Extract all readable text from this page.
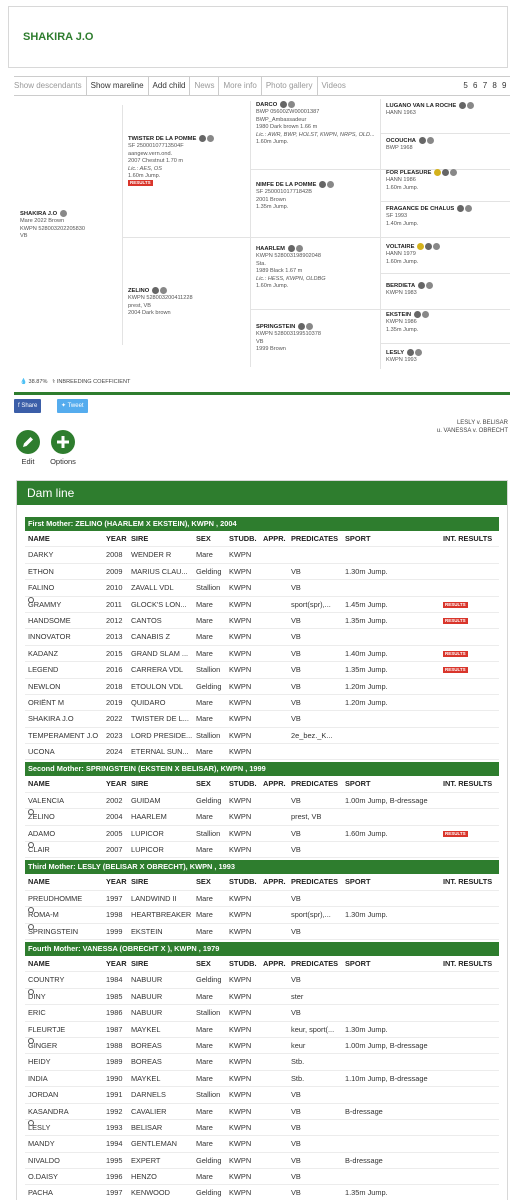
SHAKIRA J.O
Show descendants	Show mareline	Add child	News	More info	Photo gallery	Videos	5 6 7 8 9
SHAKIRA J.O
Mare 2022 Brown
KWPN 528003202205830
VB
TWISTER DE LA POMME
SF 25000107713504F
aangew.vern.ond.
2007 Chestnut 1.70 m
Lic.: AES, OS
1.60m Jump.
RESULTS
ZELINO
KWPN 528003200411228
prest, VB
2004 Dark brown
DARCO
BWP 05600ZW00001387
BWP_Ambassadeur
1980 Dark brown 1.66 m
Lic.: AWR, BWP, HOLST, KWPN, NRPS, OLD...
1.60m Jump.
NIMFE DE LA POMME
SF 25000101771842B
2001 Brown
1.35m Jump.
HAARLEM
KWPN 528003198902048
Sta.
1989 Black 1.67 m
Lic.: HESS, KWPN, OLDBG
1.60m Jump.
SPRINGSTEIN
KWPN 528003199510378
VB
1999 Brown
LUGANO VAN LA ROCHE
HANN 1963
OCOUCHA
BWP 1968
FOR PLEASURE
HANN 1986
1.60m Jump.
FRAGANCE DE CHALUS
SF 1993
1.40m Jump.
VOLTAIRE
HANN 1979
1.60m Jump.
BERDIETA
KWPN 1983
EKSTEIN
KWPN 1986
1.35m Jump.
LESLY
KWPN 1993
💧 38.87% ⚕ INBREEDING COEFFICIENT
f Share	✦ Tweet
LESLY v. BELISAR
u. VANESSA v. OBRECHT
Edit	Options
Dam line
First Mother: ZELINO (HAARLEM X EKSTEIN), KWPN , 2004
NAME	YEAR SIRE	SEX	STUDB. APPR. PREDICATES SPORT	INT. RESULTS
DARKY	2008	WENDER R	Mare	KWPN
ETHON	2009	MARIUS CLAU...	Gelding	KWPN	VB	1.30m Jump.
FALINO	2010	ZAVALL VDL	Stallion	KWPN	VB
GRAMMY	2011	GLOCK'S LON...	Mare	KWPN	sport(spr),...	1.45m Jump.	RESULTS
HANDSOME	2012	CANTOS	Mare	KWPN	VB	1.35m Jump.	RESULTS
INNOVATOR	2013	CANABIS Z	Mare	KWPN	VB
KADANZ	2015	GRAND SLAM ...	Mare	KWPN	VB	1.40m Jump.	RESULTS
LEGEND	2016	CARRERA VDL	Stallion	KWPN	VB	1.35m Jump.	RESULTS
NEWLON	2018	ETOULON VDL	Gelding	KWPN	VB	1.20m Jump.
ORIËNT M	2019	QUIDARO	Mare	KWPN	VB	1.20m Jump.
SHAKIRA J.O	2022	TWISTER DE L... Mare	KWPN	VB
TEMPERAMENT J.O	2023	LORD PRESIDE... Stallion	KWPN	2e_bez._K...
UCONA	2024	ETERNAL SUN... Mare	KWPN
Second Mother: SPRINGSTEIN (EKSTEIN X BELISAR), KWPN , 1999
NAME	YEAR SIRE	SEX	STUDB. APPR. PREDICATES SPORT	INT. RESULTS
VALENCIA	2002	GUIDAM	Gelding	KWPN	VB	1.00m Jump, B-dressage
ZELINO	2004	HAARLEM	Mare	KWPN	prest, VB
ADAMO	2005	LUPICOR	Stallion	KWPN	VB	1.60m Jump.	RESULTS
CLAIR	2007	LUPICOR	Mare	KWPN	VB
Third Mother: LESLY (BELISAR X OBRECHT), KWPN , 1993
NAME	YEAR SIRE	SEX	STUDB. APPR. PREDICATES SPORT	INT. RESULTS
PREUDHOMME	1997	LANDWIND II	Mare	KWPN	VB
ROMA-M	1998	HEARTBREAKER Mare	KWPN	sport(spr),...	1.30m Jump.
SPRINGSTEIN	1999	EKSTEIN	Mare	KWPN	VB
Fourth Mother: VANESSA (OBRECHT X ), KWPN , 1979
NAME	YEAR SIRE	SEX	STUDB. APPR. PREDICATES SPORT	INT. RESULTS
COUNTRY	1984	NABUUR	Gelding	KWPN	VB
DINY	1985	NABUUR	Mare	KWPN	ster
ERIC	1986	NABUUR	Stallion	KWPN	VB
FLEURTJE	1987	MAYKEL	Mare	KWPN	keur, sport(...	1.30m Jump.
GINGER	1988	BOREAS	Mare	KWPN	keur	1.00m Jump, B-dressage
HEIDY	1989	BOREAS	Mare	KWPN	Stb.
INDIA	1990	MAYKEL	Mare	KWPN	Stb.	1.10m Jump, B-dressage
JORDAN	1991	DARNELS	Stallion	KWPN	VB
KASANDRA	1992	CAVALIER	Mare	KWPN	VB	B-dressage
LESLY	1993	BELISAR	Mare	KWPN	VB
MANDY	1994	GENTLEMAN	Mare	KWPN	VB
NIVALDO	1995	EXPERT	Gelding	KWPN	VB	B-dressage
O.DAISY	1996	HENZO	Mare	KWPN	VB
PACHA	1997	KENWOOD	Gelding	KWPN	VB	1.35m Jump.
